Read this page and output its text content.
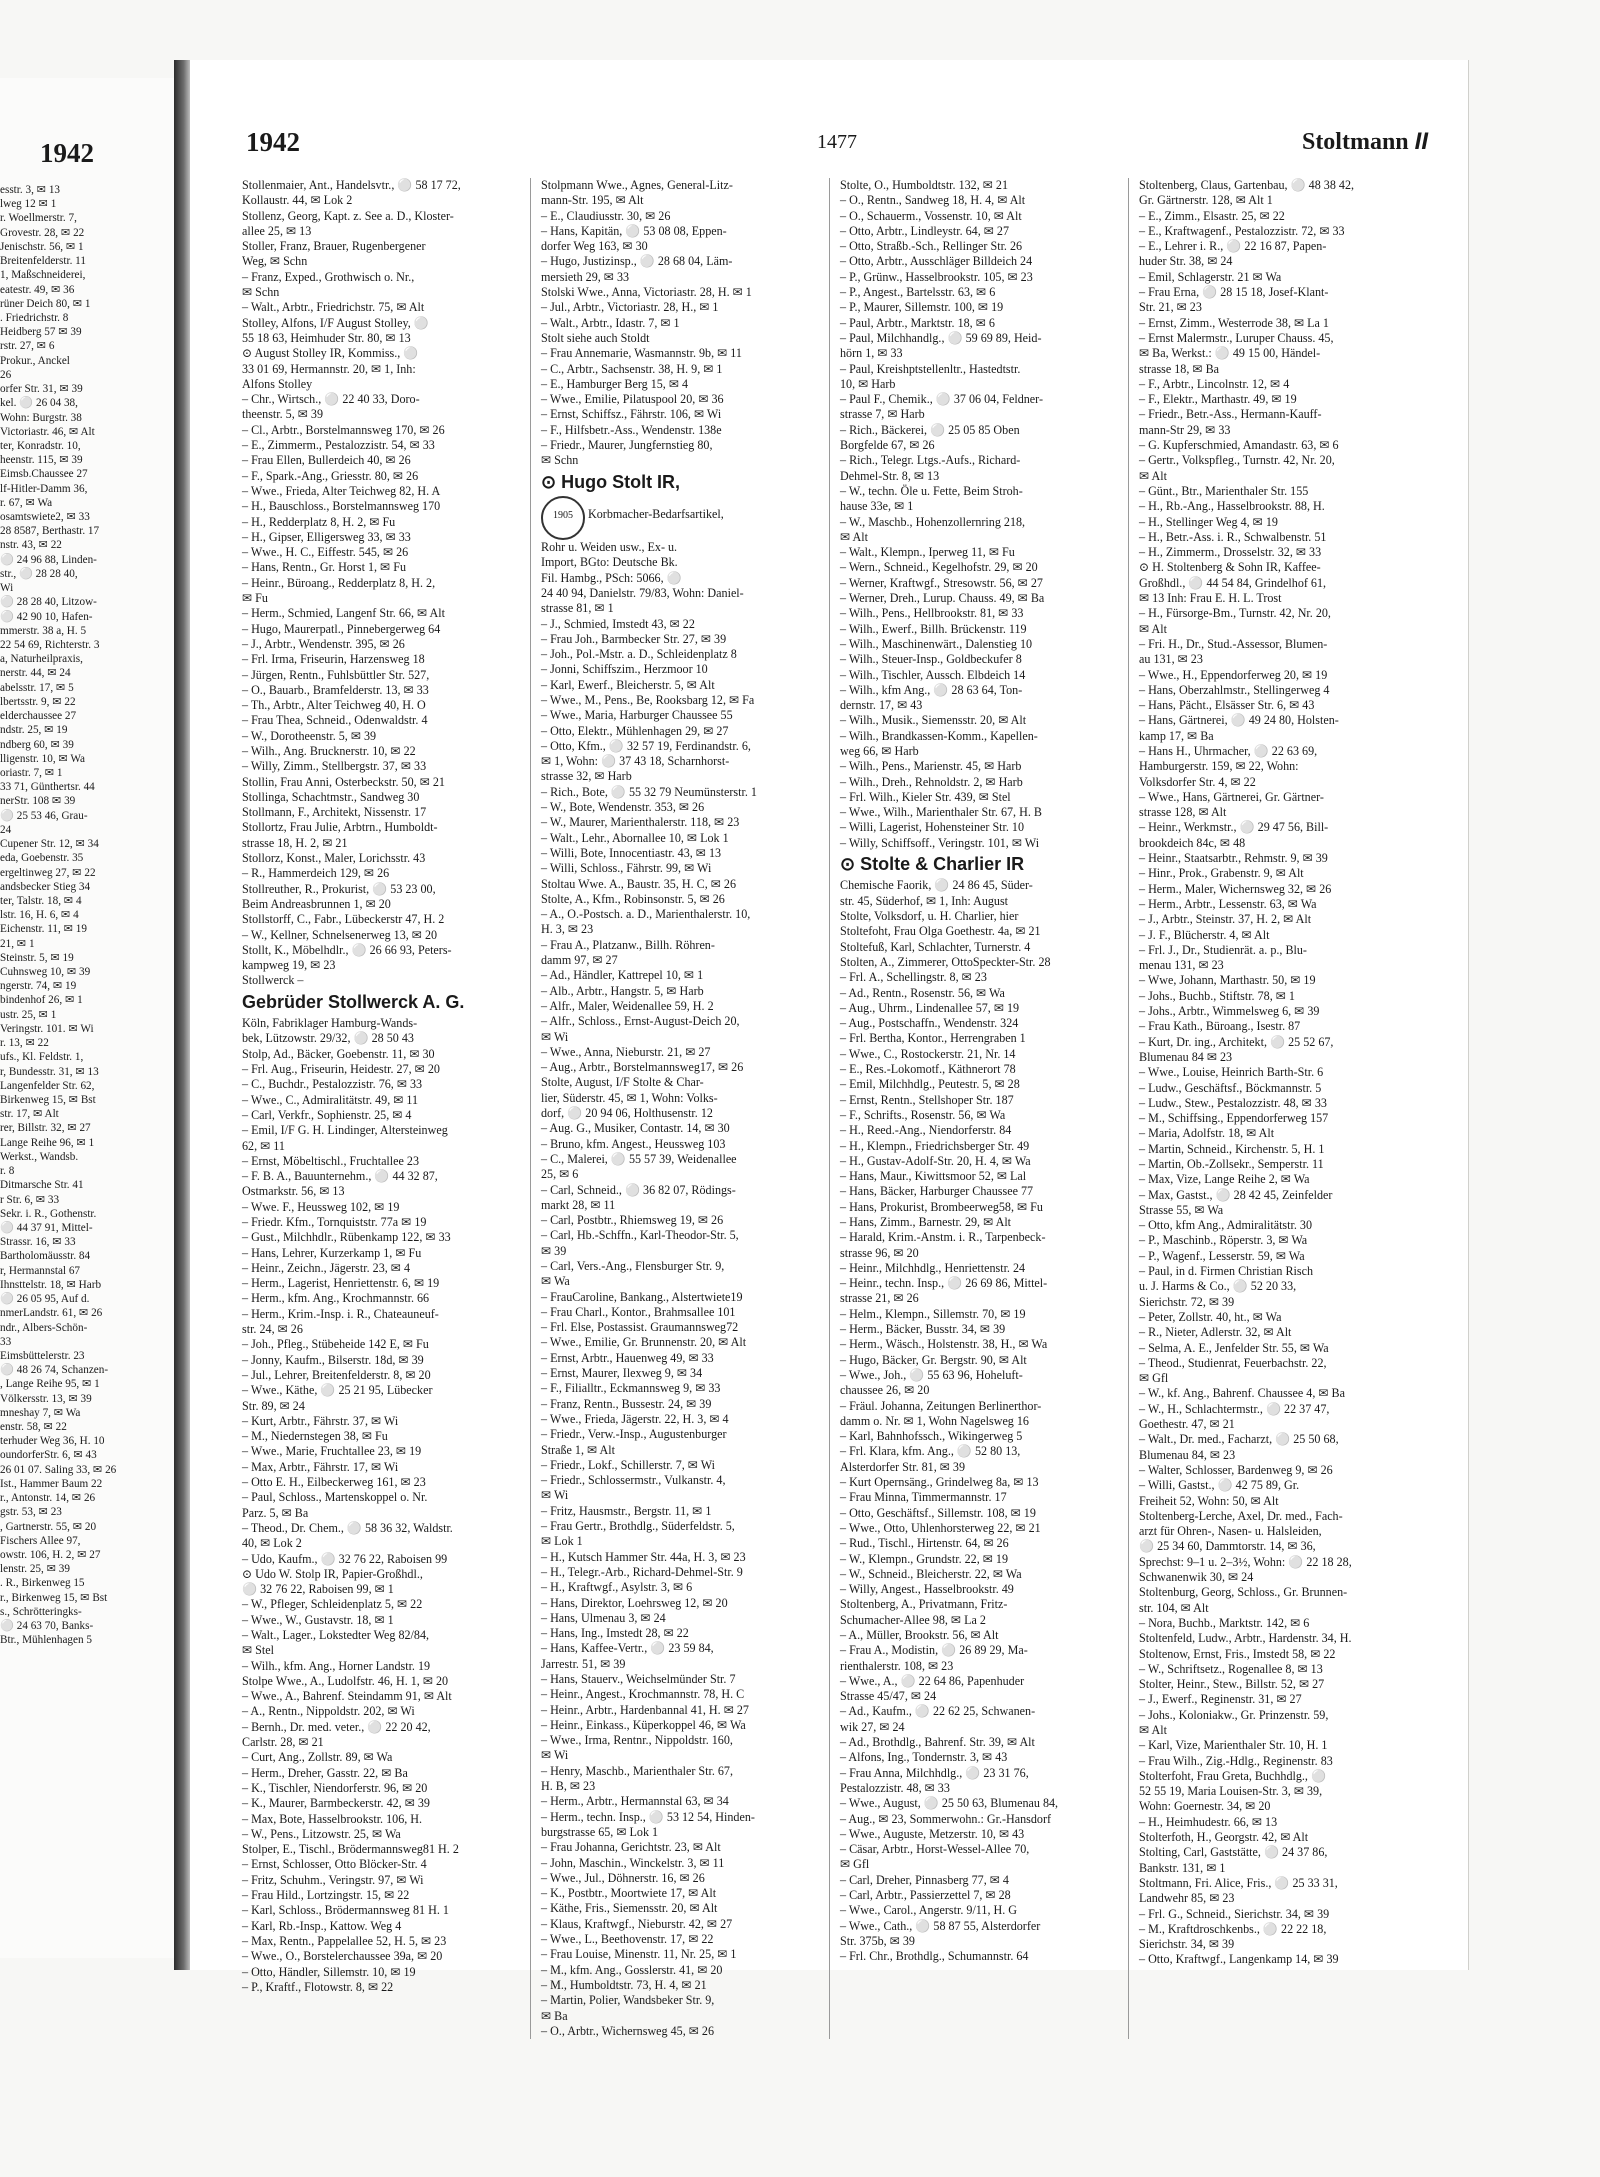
1942
esstr. 3, ✉ 13
lweg 12 ✉ 1
r. Woellmerstr. 7,
Grovestr. 28, ✉ 22
Jenischstr. 56, ✉ 1
Breitenfelderstr. 11
1, Maßschneiderei,
eatestr. 49, ✉ 36
rüner Deich 80, ✉ 1
. Friedrichstr. 8
Heidberg 57 ✉ 39
rstr. 27, ✉ 6
Prokur., Anckel
26
orfer Str. 31, ✉ 39
kel. ⚪ 26 04 38,
Wohn: Burgstr. 38
Victoriastr. 46, ✉ Alt
ter, Konradstr. 10,
heenstr. 115, ✉ 39
Eimsb.Chaussee 27
lf-Hitler-Damm 36,
r. 67, ✉ Wa
osamtswiete2, ✉ 33
28 8587, Berthastr. 17
nstr. 43, ✉ 22
⚪ 24 96 88, Linden-
str., ⚪ 28 28 40,
Wi
⚪ 28 28 40, Litzow-
⚪ 42 90 10, Hafen-
mmerstr. 38 a, H. 5
22 54 69, Richterstr. 3
a, Naturheilpraxis,
nerstr. 44, ✉ 24
abelsstr. 17, ✉ 5
lbertsstr. 9, ✉ 22
elderchaussee 27
ndstr. 25, ✉ 19
ndberg 60, ✉ 39
lligenstr. 10, ✉ Wa
oriastr. 7, ✉ 1
33 71, Günthertsr. 44
nerStr. 108 ✉ 39
⚪ 25 53 46, Grau-
24
Cupener Str. 12, ✉ 34
eda, Goebenstr. 35
ergeltinweg 27, ✉ 22
andsbecker Stieg 34
ter, Talstr. 18, ✉ 4
lstr. 16, H. 6, ✉ 4
Eichenstr. 11, ✉ 19
21, ✉ 1
Steinstr. 5, ✉ 19
Cuhnsweg 10, ✉ 39
ngerstr. 74, ✉ 19
bindenhof 26, ✉ 1
ustr. 25, ✉ 1
Veringstr. 101. ✉ Wi
r. 13, ✉ 22
ufs., Kl. Feldstr. 1,
r, Bundesstr. 31, ✉ 13
Langenfelder Str. 62,
Birkenweg 15, ✉ Bst
str. 17, ✉ Alt
rer, Billstr. 32, ✉ 27
Lange Reihe 96, ✉ 1
Werkst., Wandsb.
r. 8
Ditmarsche Str. 41
r Str. 6, ✉ 33
Sekr. i. R., Gothenstr.
⚪ 44 37 91, Mittel-
Strassr. 16, ✉ 33
Bartholomäusstr. 84
r, Hermannstal 67
Ihnsttelstr. 18, ✉ Harb
⚪ 26 05 95, Auf d.
nmerLandstr. 61, ✉ 26
ndr., Albers-Schön-
33
Eimsbüttelerstr. 23
⚪ 48 26 74, Schanzen-
, Lange Reihe 95, ✉ 1
Völkersstr. 13, ✉ 39
mneshay 7, ✉ Wa
enstr. 58, ✉ 22
terhuder Weg 36, H. 10
oundorferStr. 6, ✉ 43
26 01 07. Saling 33, ✉ 26
Ist., Hammer Baum 22
r., Antonstr. 14, ✉ 26
gstr. 53, ✉ 23
, Gartnerstr. 55, ✉ 20
Fischers Allee 97,
owstr. 106, H. 2, ✉ 27
lenstr. 25, ✉ 39
. R., Birkenweg 15
r., Birkenweg 15, ✉ Bst
s., Schrötteringks-
⚪ 24 63 70, Banks-
Btr., Mühlenhagen 5
1942	1477	Stoltmann II
Stollenmaier, Ant., Handelsvtr., ⚪ 58 17 72,
Kollaustr. 44, ✉ Lok 2
Stollenz, Georg, Kapt. z. See a. D., Kloster-
allee 25, ✉ 13
Stoller, Franz, Brauer, Rugenbergener
Weg, ✉ Schn
– Franz, Exped., Grothwisch o. Nr.,
✉ Schn
– Walt., Arbtr., Friedrichstr. 75, ✉ Alt
Stolley, Alfons, I/F August Stolley, ⚪
55 18 63, Heimhuder Str. 80, ✉ 13
⊙ August Stolley IR, Kommiss., ⚪
33 01 69, Hermannstr. 20, ✉ 1, Inh:
Alfons Stolley
– Chr., Wirtsch., ⚪ 22 40 33, Doro-
theenstr. 5, ✉ 39
– Cl., Arbtr., Borstelmannsweg 170, ✉ 26
– E., Zimmerm., Pestalozzistr. 54, ✉ 33
– Frau Ellen, Bullerdeich 40, ✉ 26
– F., Spark.-Ang., Griesstr. 80, ✉ 26
– Wwe., Frieda, Alter Teichweg 82, H. A
– H., Bauschloss., Borstelmannsweg 170
– H., Redderplatz 8, H. 2, ✉ Fu
– H., Gipser, Elligersweg 33, ✉ 33
– Wwe., H. C., Eiffestr. 545, ✉ 26
– Hans, Rentn., Gr. Horst 1, ✉ Fu
– Heinr., Büroang., Redderplatz 8, H. 2,
✉ Fu
– Herm., Schmied, Langenf Str. 66, ✉ Alt
– Hugo, Maurerpatl., Pinnebergerweg 64
– J., Arbtr., Wendenstr. 395, ✉ 26
– Frl. Irma, Friseurin, Harzensweg 18
– Jürgen, Rentn., Fuhlsbüttler Str. 527,
– O., Bauarb., Bramfelderstr. 13, ✉ 33
– Th., Arbtr., Alter Teichweg 40, H. O
– Frau Thea, Schneid., Odenwaldstr. 4
– W., Dorotheenstr. 5, ✉ 39
– Wilh., Ang. Brucknerstr. 10, ✉ 22
– Willy, Zimm., Stellbergstr. 37, ✉ 33
Stollin, Frau Anni, Osterbeckstr. 50, ✉ 21
Stollinga, Schachtmstr., Sandweg 30
Stollmann, F., Architekt, Nissenstr. 17
Stollortz, Frau Julie, Arbtrn., Humboldt-
strasse 18, H. 2, ✉ 21
Stollorz, Konst., Maler, Lorichsstr. 43
– R., Hammerdeich 129, ✉ 26
Stollreuther, R., Prokurist, ⚪ 53 23 00,
Beim Andreasbrunnen 1, ✉ 20
Stollstorff, C., Fabr., Lübeckerstr 47, H. 2
– W., Kellner, Schnelsenerweg 13, ✉ 20
Stollt, K., Möbelhdlr., ⚪ 26 66 93, Peters-
kampweg 19, ✉ 23
Stollwerck –
Gebrüder Stollwerck A. G.
Köln, Fabriklager Hamburg-Wands-
bek, Lützowstr. 29/32, ⚪ 28 50 43
Stolp, Ad., Bäcker, Goebenstr. 11, ✉ 30
– Frl. Aug., Friseurin, Heidestr. 27, ✉ 20
– C., Buchdr., Pestalozzistr. 76, ✉ 33
– Wwe., C., Admiralitätstr. 49, ✉ 11
– Carl, Verkfr., Sophienstr. 25, ✉ 4
– Emil, I/F G. H. Lindinger, Altersteinweg
62, ✉ 11
– Ernst, Möbeltischl., Fruchtallee 23
– F. B. A., Bauunternehm., ⚪ 44 32 87,
Ostmarkstr. 56, ✉ 13
– Wwe. F., Heussweg 102, ✉ 19
– Friedr. Kfm., Tornquiststr. 77a ✉ 19
– Gust., Milchhdlr., Rübenkamp 122, ✉ 33
– Hans, Lehrer, Kurzerkamp 1, ✉ Fu
– Heinr., Zeichn., Jägerstr. 23, ✉ 4
– Herm., Lagerist, Henriettenstr. 6, ✉ 19
– Herm., kfm. Ang., Krochmannstr. 66
– Herm., Krim.-Insp. i. R., Chateauneuf-
str. 24, ✉ 26
– Joh., Pfleg., Stübeheide 142 E, ✉ Fu
– Jonny, Kaufm., Bilserstr. 18d, ✉ 39
– Jul., Lehrer, Breitenfelderstr. 8, ✉ 20
– Wwe., Käthe, ⚪ 25 21 95, Lübecker
Str. 89, ✉ 24
– Kurt, Arbtr., Fährstr. 37, ✉ Wi
– M., Niedernstegen 38, ✉ Fu
– Wwe., Marie, Fruchtallee 23, ✉ 19
– Max, Arbtr., Fährstr. 17, ✉ Wi
– Otto E. H., Eilbeckerweg 161, ✉ 23
– Paul, Schloss., Martenskoppel o. Nr.
Parz. 5, ✉ Ba
– Theod., Dr. Chem., ⚪ 58 36 32, Waldstr.
40, ✉ Lok 2
– Udo, Kaufm., ⚪ 32 76 22, Raboisen 99
⊙ Udo W. Stolp IR, Papier-Großhdl.,
⚪ 32 76 22, Raboisen 99, ✉ 1
– W., Pfleger, Schleidenplatz 5, ✉ 22
– Wwe., W., Gustavstr. 18, ✉ 1
– Walt., Lager., Lokstedter Weg 82/84,
✉ Stel
– Wilh., kfm. Ang., Horner Landstr. 19
Stolpe Wwe., A., Ludolfstr. 46, H. 1, ✉ 20
– Wwe., A., Bahrenf. Steindamm 91, ✉ Alt
– A., Rentn., Nippoldstr. 202, ✉ Wi
– Bernh., Dr. med. veter., ⚪ 22 20 42,
Carlstr. 28, ✉ 21
– Curt, Ang., Zollstr. 89, ✉ Wa
– Herm., Dreher, Gasstr. 22, ✉ Ba
– K., Tischler, Niendorferstr. 96, ✉ 20
– K., Maurer, Barmbeckerstr. 42, ✉ 39
– Max, Bote, Hasselbrookstr. 106, H.
– W., Pens., Litzowstr. 25, ✉ Wa
Stolper, E., Tischl., Brödermannsweg81 H. 2
– Ernst, Schlosser, Otto Blöcker-Str. 4
– Fritz, Schuhm., Veringstr. 97, ✉ Wi
– Frau Hild., Lortzingstr. 15, ✉ 22
– Karl, Schloss., Brödermannsweg 81 H. 1
– Karl, Rb.-Insp., Kattow. Weg 4
– Max, Rentn., Pappelallee 52, H. 5, ✉ 23
– Wwe., O., Borstelerchaussee 39a, ✉ 20
– Otto, Händler, Sillemstr. 10, ✉ 19
– P., Kraftf., Flotowstr. 8, ✉ 22
Stolpmann Wwe., Agnes, General-Litz-
mann-Str. 195, ✉ Alt
– E., Claudiusstr. 30, ✉ 26
– Hans, Kapitän, ⚪ 53 08 08, Eppen-
dorfer Weg 163, ✉ 30
– Hugo, Justizinsp., ⚪ 28 68 04, Läm-
mersieth 29, ✉ 33
Stolski Wwe., Anna, Victoriastr. 28, H. ✉ 1
– Jul., Arbtr., Victoriastr. 28, H., ✉ 1
– Walt., Arbtr., Idastr. 7, ✉ 1
Stolt siehe auch Stoldt
– Frau Annemarie, Wasmannstr. 9b, ✉ 11
– C., Arbtr., Sachsenstr. 38, H. 9, ✉ 1
– E., Hamburger Berg 15, ✉ 4
– Wwe., Emilie, Pilatuspool 20, ✉ 36
– Ernst, Schiffsz., Fährstr. 106, ✉ Wi
– F., Hilfsbetr.-Ass., Wendenstr. 138e
– Friedr., Maurer, Jungfernstieg 80,
✉ Schn
⊙ Hugo Stolt IR,
1905 Korbmacher-Bedarfsartikel,
Rohr u. Weiden usw., Ex- u.
Import, BGto: Deutsche Bk.
Fil. Hambg., PSch: 5066, ⚪
24 40 94, Danielstr. 79/83, Wohn: Daniel-
strasse 81, ✉ 1
– J., Schmied, Imstedt 43, ✉ 22
– Frau Joh., Barmbecker Str. 27, ✉ 39
– Joh., Pol.-Mstr. a. D., Schleidenplatz 8
– Jonni, Schiffszim., Herzmoor 10
– Karl, Ewerf., Bleicherstr. 5, ✉ Alt
– Wwe., M., Pens., Be, Rooksbarg 12, ✉ Fa
– Wwe., Maria, Harburger Chaussee 55
– Otto, Elektr., Mühlenhagen 29, ✉ 27
– Otto, Kfm., ⚪ 32 57 19, Ferdinandstr. 6,
✉ 1, Wohn: ⚪ 37 43 18, Scharnhorst-
strasse 32, ✉ Harb
– Rich., Bote, ⚪ 55 32 79 Neumünsterstr. 1
– W., Bote, Wendenstr. 353, ✉ 26
– W., Maurer, Marienthalerstr. 118, ✉ 23
– Walt., Lehr., Abornallee 10, ✉ Lok 1
– Willi, Bote, Innocentiastr. 43, ✉ 13
– Willi, Schloss., Fährstr. 99, ✉ Wi
Stoltau Wwe. A., Baustr. 35, H. C, ✉ 26
Stolte, A., Kfm., Robinsonstr. 5, ✉ 26
– A., O.-Postsch. a. D., Marienthalerstr. 10,
H. 3, ✉ 23
– Frau A., Platzanw., Billh. Röhren-
damm 97, ✉ 27
– Ad., Händler, Kattrepel 10, ✉ 1
– Alb., Arbtr., Hangstr. 5, ✉ Harb
– Alfr., Maler, Weidenallee 59, H. 2
– Alfr., Schloss., Ernst-August-Deich 20,
✉ Wi
– Wwe., Anna, Nieburstr. 21, ✉ 27
– Aug., Arbtr., Borstelmannsweg17, ✉ 26
Stolte, August, I/F Stolte & Char-
lier, Süderstr. 45, ✉ 1, Wohn: Volks-
dorf, ⚪ 20 94 06, Holthusenstr. 12
– Aug. G., Musiker, Contastr. 14, ✉ 30
– Bruno, kfm. Angest., Heussweg 103
– C., Malerei, ⚪ 55 57 39, Weidenallee
25, ✉ 6
– Carl, Schneid., ⚪ 36 82 07, Rödings-
markt 28, ✉ 11
– Carl, Postbtr., Rhiemsweg 19, ✉ 26
– Carl, Hb.-Schffn., Karl-Theodor-Str. 5,
✉ 39
– Carl, Vers.-Ang., Flensburger Str. 9,
✉ Wa
– FrauCaroline, Bankang., Alstertwiete19
– Frau Charl., Kontor., Brahmsallee 101
– Frl. Else, Postassist. Graumannsweg72
– Wwe., Emilie, Gr. Brunnenstr. 20, ✉ Alt
– Ernst, Arbtr., Hauenweg 49, ✉ 33
– Ernst, Maurer, Ilexweg 9, ✉ 34
– F., Filialltr., Eckmannsweg 9, ✉ 33
– Franz, Rentn., Bussestr. 24, ✉ 39
– Wwe., Frieda, Jägerstr. 22, H. 3, ✉ 4
– Friedr., Verw.-Insp., Augustenburger
Straße 1, ✉ Alt
– Friedr., Lokf., Schillerstr. 7, ✉ Wi
– Friedr., Schlossermstr., Vulkanstr. 4,
✉ Wi
– Fritz, Hausmstr., Bergstr. 11, ✉ 1
– Frau Gertr., Brothdlg., Süderfeldstr. 5,
✉ Lok 1
– H., Kutsch Hammer Str. 44a, H. 3, ✉ 23
– H., Telegr.-Arb., Richard-Dehmel-Str. 9
– H., Kraftwgf., Asylstr. 3, ✉ 6
– Hans, Direktor, Loehrsweg 12, ✉ 20
– Hans, Ulmenau 3, ✉ 24
– Hans, Ing., Imstedt 28, ✉ 22
– Hans, Kaffee-Vertr., ⚪ 23 59 84,
Jarrestr. 51, ✉ 39
– Hans, Stauerv., Weichselmünder Str. 7
– Heinr., Angest., Krochmannstr. 78, H. C
– Heinr., Arbtr., Hardenbannal 41, H. ✉ 27
– Heinr., Einkass., Küperkoppel 46, ✉ Wa
– Wwe., Irma, Rentnr., Nippoldstr. 160,
✉ Wi
– Henry, Maschb., Marienthaler Str. 67,
H. B, ✉ 23
– Herm., Arbtr., Hermannstal 63, ✉ 34
– Herm., techn. Insp., ⚪ 53 12 54, Hinden-
burgstrasse 65, ✉ Lok 1
– Frau Johanna, Gerichtstr. 23, ✉ Alt
– John, Maschin., Winckelstr. 3, ✉ 11
– Wwe., Jul., Döhnerstr. 16, ✉ 26
– K., Postbtr., Moortwiete 17, ✉ Alt
– Käthe, Fris., Siemensstr. 20, ✉ Alt
– Klaus, Kraftwgf., Nieburstr. 42, ✉ 27
– Wwe., L., Beethovenstr. 17, ✉ 22
– Frau Louise, Minenstr. 11, Nr. 25, ✉ 1
– M., kfm. Ang., Gosslerstr. 41, ✉ 20
– M., Humboldtstr. 73, H. 4, ✉ 21
– Martin, Polier, Wandsbeker Str. 9,
✉ Ba
– O., Arbtr., Wichernsweg 45, ✉ 26
Stolte, O., Humboldtstr. 132, ✉ 21
– O., Rentn., Sandweg 18, H. 4, ✉ Alt
– O., Schauerm., Vossenstr. 10, ✉ Alt
– Otto, Arbtr., Lindleystr. 64, ✉ 27
– Otto, Straßb.-Sch., Rellinger Str. 26
– Otto, Arbtr., Ausschläger Billdeich 24
– P., Grünw., Hasselbrookstr. 105, ✉ 23
– P., Angest., Bartelsstr. 63, ✉ 6
– P., Maurer, Sillemstr. 100, ✉ 19
– Paul, Arbtr., Marktstr. 18, ✉ 6
– Paul, Milchhandlg., ⚪ 59 69 89, Heid-
hörn 1, ✉ 33
– Paul, Kreishptstellenltr., Hastedtstr.
10, ✉ Harb
– Paul F., Chemik., ⚪ 37 06 04, Feldner-
strasse 7, ✉ Harb
– Rich., Bäckerei, ⚪ 25 05 85 Oben
Borgfelde 67, ✉ 26
– Rich., Telegr. Ltgs.-Aufs., Richard-
Dehmel-Str. 8, ✉ 13
– W., techn. Öle u. Fette, Beim Stroh-
hause 33e, ✉ 1
– W., Maschb., Hohenzollernring 218,
✉ Alt
– Walt., Klempn., Iperweg 11, ✉ Fu
– Wern., Schneid., Kegelhofstr. 29, ✉ 20
– Werner, Kraftwgf., Stresowstr. 56, ✉ 27
– Werner, Dreh., Lurup. Chauss. 49, ✉ Ba
– Wilh., Pens., Hellbrookstr. 81, ✉ 33
– Wilh., Ewerf., Billh. Brückenstr. 119
– Wilh., Maschinenwärt., Dalenstieg 10
– Wilh., Steuer-Insp., Goldbeckufer 8
– Wilh., Tischler, Aussch. Elbdeich 14
– Wilh., kfm Ang., ⚪ 28 63 64, Ton-
dernstr. 17, ✉ 43
– Wilh., Musik., Siemensstr. 20, ✉ Alt
– Wilh., Brandkassen-Komm., Kapellen-
weg 66, ✉ Harb
– Wilh., Pens., Marienstr. 45, ✉ Harb
– Wilh., Dreh., Rehnoldstr. 2, ✉ Harb
– Frl. Wilh., Kieler Str. 439, ✉ Stel
– Wwe., Wilh., Marienthaler Str. 67, H. B
– Willi, Lagerist, Hohensteiner Str. 10
– Willy, Schiffsoff., Veringstr. 101, ✉ Wi
⊙ Stolte & Charlier IR
Chemische Faorik, ⚪ 24 86 45, Süder-
str. 45, Süderhof, ✉ 1, Inh: August
Stolte, Volksdorf, u. H. Charlier, hier
Stoltefoht, Frau Olga Goethestr. 4a, ✉ 21
Stoltefuß, Karl, Schlachter, Turnerstr. 4
Stolten, A., Zimmerer, OttoSpeckter-Str. 28
– Frl. A., Schellingstr. 8, ✉ 23
– Ad., Rentn., Rosenstr. 56, ✉ Wa
– Aug., Uhrm., Lindenallee 57, ✉ 19
– Aug., Postschaffn., Wendenstr. 324
– Frl. Bertha, Kontor., Herrengraben 1
– Wwe., C., Rostockerstr. 21, Nr. 14
– E., Res.-Lokomotf., Käthnerort 78
– Emil, Milchhdlg., Peutestr. 5, ✉ 28
– Ernst, Rentn., Stellshoper Str. 187
– F., Schrifts., Rosenstr. 56, ✉ Wa
– H., Reed.-Ang., Niendorferstr. 84
– H., Klempn., Friedrichsberger Str. 49
– H., Gustav-Adolf-Str. 20, H. 4, ✉ Wa
– Hans, Maur., Kiwittsmoor 52, ✉ Lal
– Hans, Bäcker, Harburger Chaussee 77
– Hans, Prokurist, Brombeerweg58, ✉ Fu
– Hans, Zimm., Barnestr. 29, ✉ Alt
– Harald, Krim.-Anstm. i. R., Tarpenbeck-
strasse 96, ✉ 20
– Heinr., Milchhdlg., Henriettenstr. 24
– Heinr., techn. Insp., ⚪ 26 69 86, Mittel-
strasse 21, ✉ 26
– Helm., Klempn., Sillemstr. 70, ✉ 19
– Herm., Bäcker, Busstr. 34, ✉ 39
– Herm., Wäsch., Holstenstr. 38, H., ✉ Wa
– Hugo, Bäcker, Gr. Bergstr. 90, ✉ Alt
– Wwe., Joh., ⚪ 55 63 96, Hoheluft-
chaussee 26, ✉ 20
– Fräul. Johanna, Zeitungen Berlinerthor-
damm o. Nr. ✉ 1, Wohn Nagelsweg 16
– Karl, Bahnhofssch., Wikingerweg 5
– Frl. Klara, kfm. Ang., ⚪ 52 80 13,
Alsterdorfer Str. 81, ✉ 39
– Kurt Opernsäng., Grindelweg 8a, ✉ 13
– Frau Minna, Timmermannstr. 17
– Otto, Geschäftsf., Sillemstr. 108, ✉ 19
– Wwe., Otto, Uhlenhorsterweg 22, ✉ 21
– Rud., Tischl., Hirtenstr. 64, ✉ 26
– W., Klempn., Grundstr. 22, ✉ 19
– W., Schneid., Bleicherstr. 22, ✉ Wa
– Willy, Angest., Hasselbrookstr. 49
Stoltenberg, A., Privatmann, Fritz-
Schumacher-Allee 98, ✉ La 2
– A., Müller, Brookstr. 56, ✉ Alt
– Frau A., Modistin, ⚪ 26 89 29, Ma-
rienthalerstr. 108, ✉ 23
– Wwe., A., ⚪ 22 64 86, Papenhuder
Strasse 45/47, ✉ 24
– Ad., Kaufm., ⚪ 22 62 25, Schwanen-
wik 27, ✉ 24
– Ad., Brothdlg., Bahrenf. Str. 39, ✉ Alt
– Alfons, Ing., Tondernstr. 3, ✉ 43
– Frau Anna, Milchhdlg., ⚪ 23 31 76,
Pestalozzistr. 48, ✉ 33
– Wwe., August, ⚪ 25 50 63, Blumenau 84,
– Aug., ✉ 23, Sommerwohn.: Gr.-Hansdorf
– Wwe., Auguste, Metzerstr. 10, ✉ 43
– Cäsar, Arbtr., Horst-Wessel-Allee 70,
✉ Gfl
– Carl, Dreher, Pinnasberg 77, ✉ 4
– Carl, Arbtr., Passierzettel 7, ✉ 28
– Wwe., Carol., Angerstr. 9/11, H. G
– Wwe., Cath., ⚪ 58 87 55, Alsterdorfer
Str. 375b, ✉ 39
– Frl. Chr., Brothdlg., Schumannstr. 64
Stoltenberg, Claus, Gartenbau, ⚪ 48 38 42,
Gr. Gärtnerstr. 128, ✉ Alt 1
– E., Zimm., Elsastr. 25, ✉ 22
– E., Kraftwagenf., Pestalozzistr. 72, ✉ 33
– E., Lehrer i. R., ⚪ 22 16 87, Papen-
huder Str. 38, ✉ 24
– Emil, Schlagerstr. 21 ✉ Wa
– Frau Erna, ⚪ 28 15 18, Josef-Klant-
Str. 21, ✉ 23
– Ernst, Zimm., Westerrode 38, ✉ La 1
– Ernst Malermstr., Luruper Chauss. 45,
✉ Ba, Werkst.: ⚪ 49 15 00, Händel-
strasse 18, ✉ Ba
– F., Arbtr., Lincolnstr. 12, ✉ 4
– F., Elektr., Marthastr. 49, ✉ 19
– Friedr., Betr.-Ass., Hermann-Kauff-
mann-Str 29, ✉ 33
– G. Kupferschmied, Amandastr. 63, ✉ 6
– Gertr., Volkspfleg., Turnstr. 42, Nr. 20,
✉ Alt
– Günt., Btr., Marienthaler Str. 155
– H., Rb.-Ang., Hasselbrookstr. 88, H.
– H., Stellinger Weg 4, ✉ 19
– H., Betr.-Ass. i. R., Schwalbenstr. 51
– H., Zimmerm., Drosselstr. 32, ✉ 33
⊙ H. Stoltenberg & Sohn IR, Kaffee-
Großhdl., ⚪ 44 54 84, Grindelhof 61,
✉ 13 Inh: Frau E. H. L. Trost
– H., Fürsorge-Bm., Turnstr. 42, Nr. 20,
✉ Alt
– Fri. H., Dr., Stud.-Assessor, Blumen-
au 131, ✉ 23
– Wwe., H., Eppendorferweg 20, ✉ 19
– Hans, Oberzahlmstr., Stellingerweg 4
– Hans, Pächt., Elsässer Str. 6, ✉ 43
– Hans, Gärtnerei, ⚪ 49 24 80, Holsten-
kamp 17, ✉ Ba
– Hans H., Uhrmacher, ⚪ 22 63 69,
Hamburgerstr. 159, ✉ 22, Wohn:
Volksdorfer Str. 4, ✉ 22
– Wwe., Hans, Gärtnerei, Gr. Gärtner-
strasse 128, ✉ Alt
– Heinr., Werkmstr., ⚪ 29 47 56, Bill-
brookdeich 84c, ✉ 48
– Heinr., Staatsarbtr., Rehmstr. 9, ✉ 39
– Hinr., Prok., Grabenstr. 9, ✉ Alt
– Herm., Maler, Wichernsweg 32, ✉ 26
– Herm., Arbtr., Lessenstr. 63, ✉ Wa
– J., Arbtr., Steinstr. 37, H. 2, ✉ Alt
– J. F., Blücherstr. 4, ✉ Alt
– Frl. J., Dr., Studienrät. a. p., Blu-
menau 131, ✉ 23
– Wwe, Johann, Marthastr. 50, ✉ 19
– Johs., Buchb., Stiftstr. 78, ✉ 1
– Johs., Arbtr., Wimmelsweg 6, ✉ 39
– Frau Kath., Büroang., Isestr. 87
– Kurt, Dr. ing., Architekt, ⚪ 25 52 67,
Blumenau 84 ✉ 23
– Wwe., Louise, Heinrich Barth-Str. 6
– Ludw., Geschäftsf., Böckmannstr. 5
– Ludw., Stew., Pestalozzistr. 48, ✉ 33
– M., Schiffsing., Eppendorferweg 157
– Maria, Adolfstr. 18, ✉ Alt
– Martin, Schneid., Kirchenstr. 5, H. 1
– Martin, Ob.-Zollsekr., Semperstr. 11
– Max, Vize, Lange Reihe 2, ✉ Wa
– Max, Gastst., ⚪ 28 42 45, Zeinfelder
Strasse 55, ✉ Wa
– Otto, kfm Ang., Admiralitätstr. 30
– P., Maschinb., Röperstr. 3, ✉ Wa
– P., Wagenf., Lesserstr. 59, ✉ Wa
– Paul, in d. Firmen Christian Risch
u. J. Harms & Co., ⚪ 52 20 33,
Sierichstr. 72, ✉ 39
– Peter, Zollstr. 40, ht., ✉ Wa
– R., Nieter, Adlerstr. 32, ✉ Alt
– Selma, A. E., Jenfelder Str. 55, ✉ Wa
– Theod., Studienrat, Feuerbachstr. 22,
✉ Gfl
– W., kf. Ang., Bahrenf. Chaussee 4, ✉ Ba
– W., H., Schlachtermstr., ⚪ 22 37 47,
Goethestr. 47, ✉ 21
– Walt., Dr. med., Facharzt, ⚪ 25 50 68,
Blumenau 84, ✉ 23
– Walter, Schlosser, Bardenweg 9, ✉ 26
– Willi, Gastst., ⚪ 42 75 89, Gr.
Freiheit 52, Wohn: 50, ✉ Alt
Stoltenberg-Lerche, Axel, Dr. med., Fach-
arzt für Ohren-, Nasen- u. Halsleiden,
⚪ 25 34 60, Dammtorstr. 14, ✉ 36,
Sprechst: 9–1 u. 2–3½, Wohn: ⚪ 22 18 28,
Schwanenwik 30, ✉ 24
Stoltenburg, Georg, Schloss., Gr. Brunnen-
str. 104, ✉ Alt
– Nora, Buchb., Marktstr. 142, ✉ 6
Stoltenfeld, Ludw., Arbtr., Hardenstr. 34, H.
Stoltenow, Ernst, Fris., Imstedt 58, ✉ 22
– W., Schriftsetz., Rogenallee 8, ✉ 13
Stolter, Heinr., Stew., Billstr. 52, ✉ 27
– J., Ewerf., Reginenstr. 31, ✉ 27
– Johs., Koloniakw., Gr. Prinzenstr. 59,
✉ Alt
– Karl, Vize, Marienthaler Str. 10, H. 1
– Frau Wilh., Zig.-Hdlg., Reginenstr. 83
Stolterfoht, Frau Greta, Buchhdlg., ⚪
52 55 19, Maria Louisen-Str. 3, ✉ 39,
Wohn: Goernestr. 34, ✉ 20
– H., Heimhudestr. 66, ✉ 13
Stolterfoth, H., Georgstr. 42, ✉ Alt
Stolting, Carl, Gaststätte, ⚪ 24 37 86,
Bankstr. 131, ✉ 1
Stoltmann, Fri. Alice, Fris., ⚪ 25 33 31,
Landwehr 85, ✉ 23
– Frl. G., Schneid., Sierichstr. 34, ✉ 39
– M., Kraftdroschkenbs., ⚪ 22 22 18,
Sierichstr. 34, ✉ 39
– Otto, Kraftwgf., Langenkamp 14, ✉ 39
